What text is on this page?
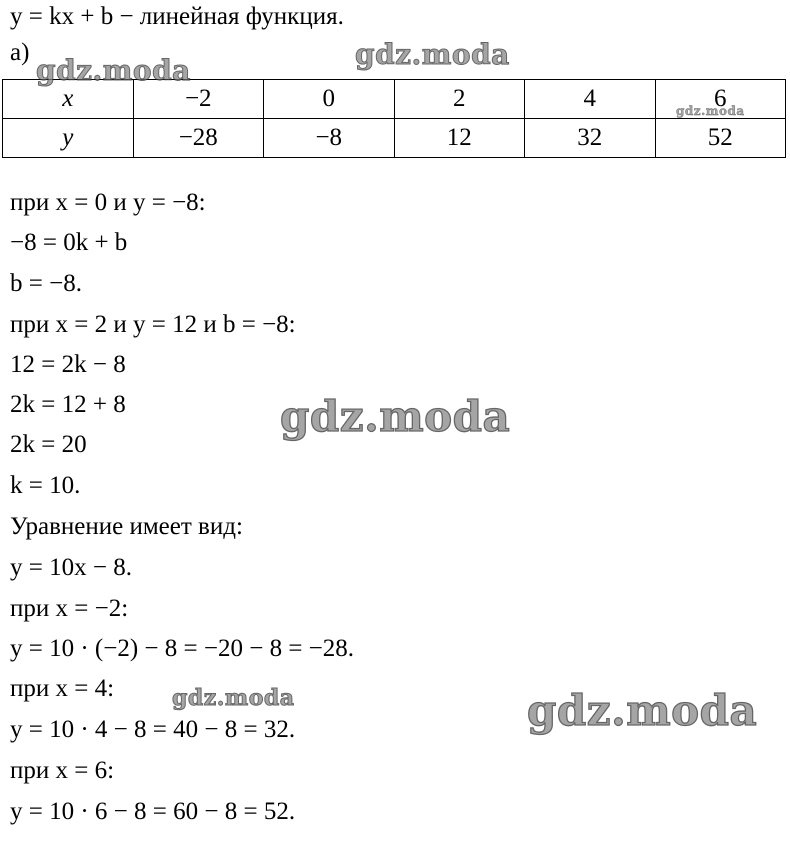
y = kx + b − линейная функция.
а)
x	−2	0	2	4	6
y	−28	−8	12	32	52
при x = 0 и y = −8:
−8 = 0k + b
b = −8.
при x = 2 и y = 12 и b = −8:
12 = 2k − 8
2k = 12 + 8
2k = 20
k = 10.
Уравнение имеет вид:
y = 10x − 8.
при x = −2:
y = 10 · (−2) − 8 = −20 − 8 = −28.
при x = 4:
y = 10 · 4 − 8 = 40 − 8 = 32.
при x = 6:
y = 10 · 6 − 8 = 60 − 8 = 52.
gdz.moda	gdz.moda
gdz.moda
gdz.moda
gdz.moda	gdz.moda
